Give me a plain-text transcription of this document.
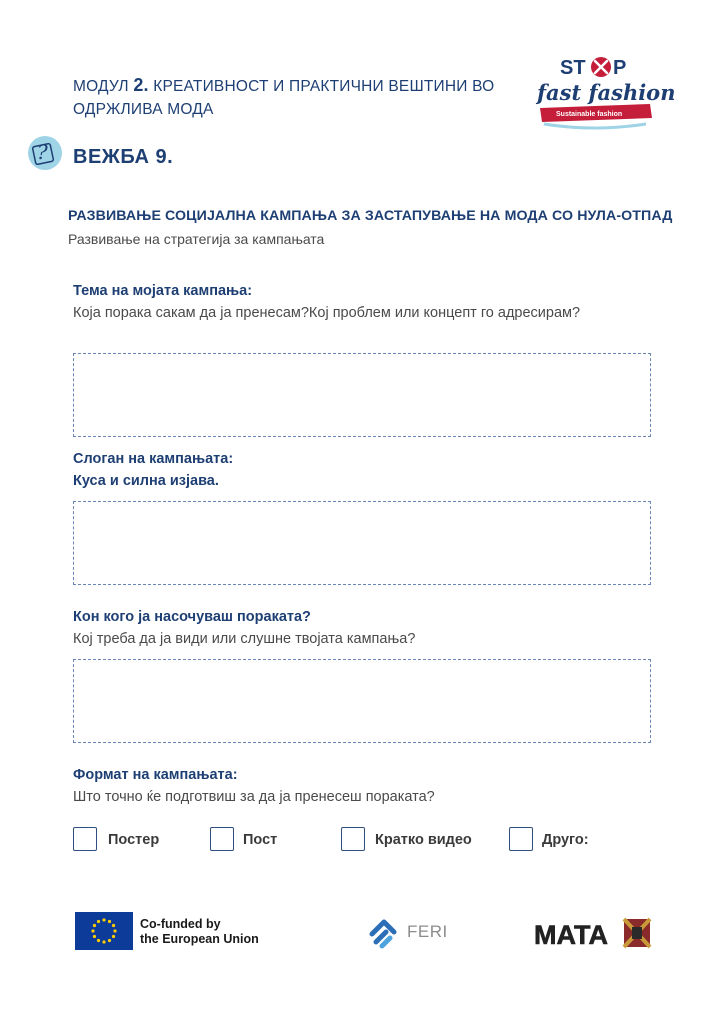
МОДУЛ 2. КРЕАТИВНОСТ И ПРАКТИЧНИ ВЕШТИНИ ВО ОДРЖЛИВА МОДА
ST P
fast fashion
Sustainable fashion
? ВЕЖБА 9.
РАЗВИВАЊЕ СОЦИЈАЛНА КАМПАЊА ЗА ЗАСТАПУВАЊЕ НА МОДА СО НУЛА-ОТПАД
Развивање на стратегија за кампањата
Тема на мојата кампања:
Која порака сакам да ја пренесам?Кој проблем или концепт го адресирам?
Слоган на кампањата:
Куса и силна изјава.
Кон кого ја насочуваш пораката?
Кој треба да ја види или слушне твојата кампања?
Формат на кампањата:
Што точно ќе подготвиш за да ја пренесеш пораката?
Постер	Пост	Кратко видео	Друго:
Co-funded by
the European Union	FERI	MATA
